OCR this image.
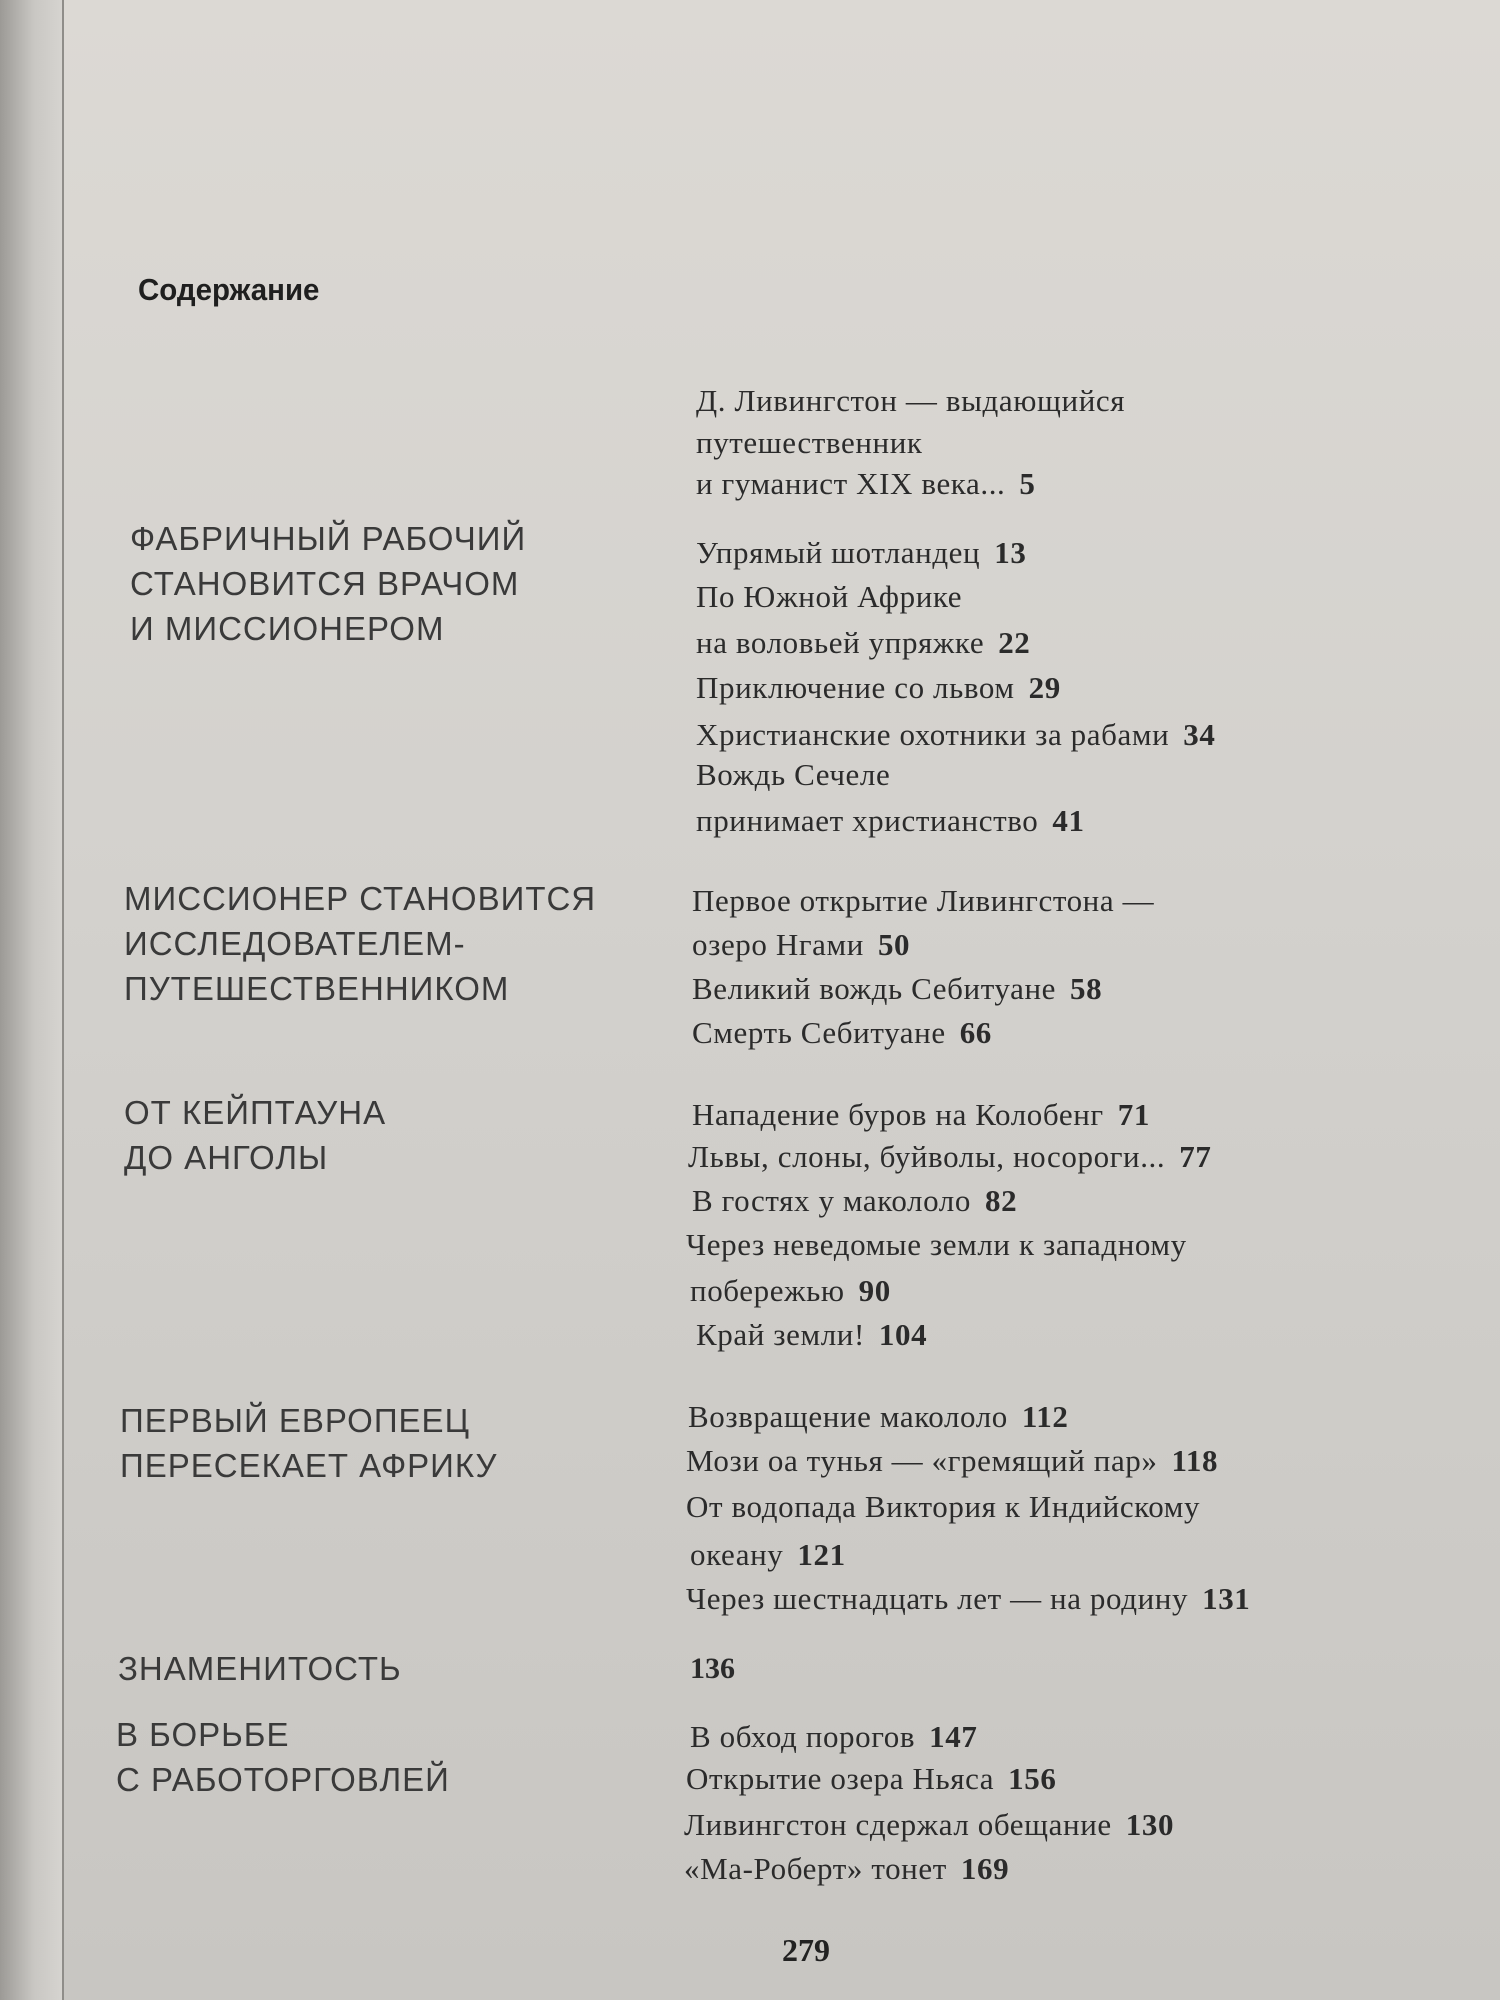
Содержание
Д. Ливингстон — выдающийся
путешественник
и гуманист XIX века... 5
ФАБРИЧНЫЙ РАБОЧИЙ
СТАНОВИТСЯ ВРАЧОМ
И МИССИОНЕРОМ
Упрямый шотландец 13
По Южной Африке
на воловьей упряжке 22
Приключение со львом 29
Христианские охотники за рабами 34
Вождь Сечеле
принимает христианство 41
МИССИОНЕР СТАНОВИТСЯ
ИССЛЕДОВАТЕЛЕМ-
ПУТЕШЕСТВЕННИКОМ
Первое открытие Ливингстона —
озеро Нгами 50
Великий вождь Себитуане 58
Смерть Себитуане 66
ОТ КЕЙПТАУНА
ДО АНГОЛЫ
Нападение буров на Колобенг 71
Львы, слоны, буйволы, носороги... 77
В гостях у макололо 82
Через неведомые земли к западному
побережью 90
Край земли! 104
ПЕРВЫЙ ЕВРОПЕЕЦ
ПЕРЕСЕКАЕТ АФРИКУ
Возвращение макололо 112
Мози оа тунья — «гремящий пар» 118
От водопада Виктория к Индийскому
океану 121
Через шестнадцать лет — на родину 131
ЗНАМЕНИТОСТЬ	136
В БОРЬБЕ
С РАБОТОРГОВЛЕЙ
В обход порогов 147
Открытие озера Ньяса 156
Ливингстон сдержал обещание 130
«Ма-Роберт» тонет 169
279
